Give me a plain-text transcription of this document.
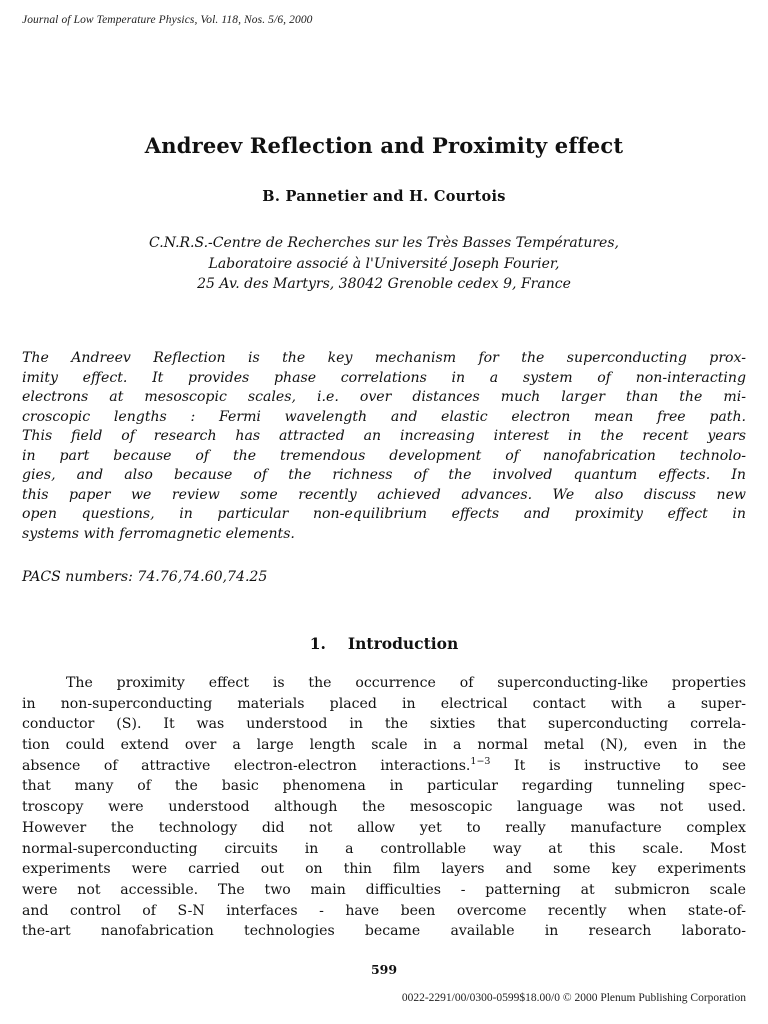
Journal of Low Temperature Physics, Vol. 118, Nos. 5/6, 2000
Andreev Reflection and Proximity effect
B. Pannetier and H. Courtois
C.N.R.S.-Centre de Recherches sur les Très Basses Températures,
Laboratoire associé à l'Université Joseph Fourier,
25 Av. des Martyrs, 38042 Grenoble cedex 9, France
The Andreev Reflection is the key mechanism for the superconducting prox-
imity effect. It provides phase correlations in a system of non-interacting
electrons at mesoscopic scales, i.e. over distances much larger than the mi-
croscopic lengths : Fermi wavelength and elastic electron mean free path.
This field of research has attracted an increasing interest in the recent years
in part because of the tremendous development of nanofabrication technolo-
gies, and also because of the richness of the involved quantum effects. In
this paper we review some recently achieved advances. We also discuss new
open questions, in particular non-equilibrium effects and proximity effect in
systems with ferromagnetic elements.
PACS numbers: 74.76,74.60,74.25
1. Introduction
The proximity effect is the occurrence of superconducting-like properties
in non-superconducting materials placed in electrical contact with a super-
conductor (S). It was understood in the sixties that superconducting correla-
tion could extend over a large length scale in a normal metal (N), even in the
absence of attractive electron-electron interactions.$^{1-3}$ It is instructive to see
that many of the basic phenomena in particular regarding tunneling spec-
troscopy were understood although the mesoscopic language was not used.
However the technology did not allow yet to really manufacture complex
normal-superconducting circuits in a controllable way at this scale. Most
experiments were carried out on thin film layers and some key experiments
were not accessible. The two main difficulties - patterning at submicron scale
and control of S-N interfaces - have been overcome recently when state-of-
the-art nanofabrication technologies became available in research laborato-
599
0022-2291/00/0300-0599$18.00/0 © 2000 Plenum Publishing Corporation
